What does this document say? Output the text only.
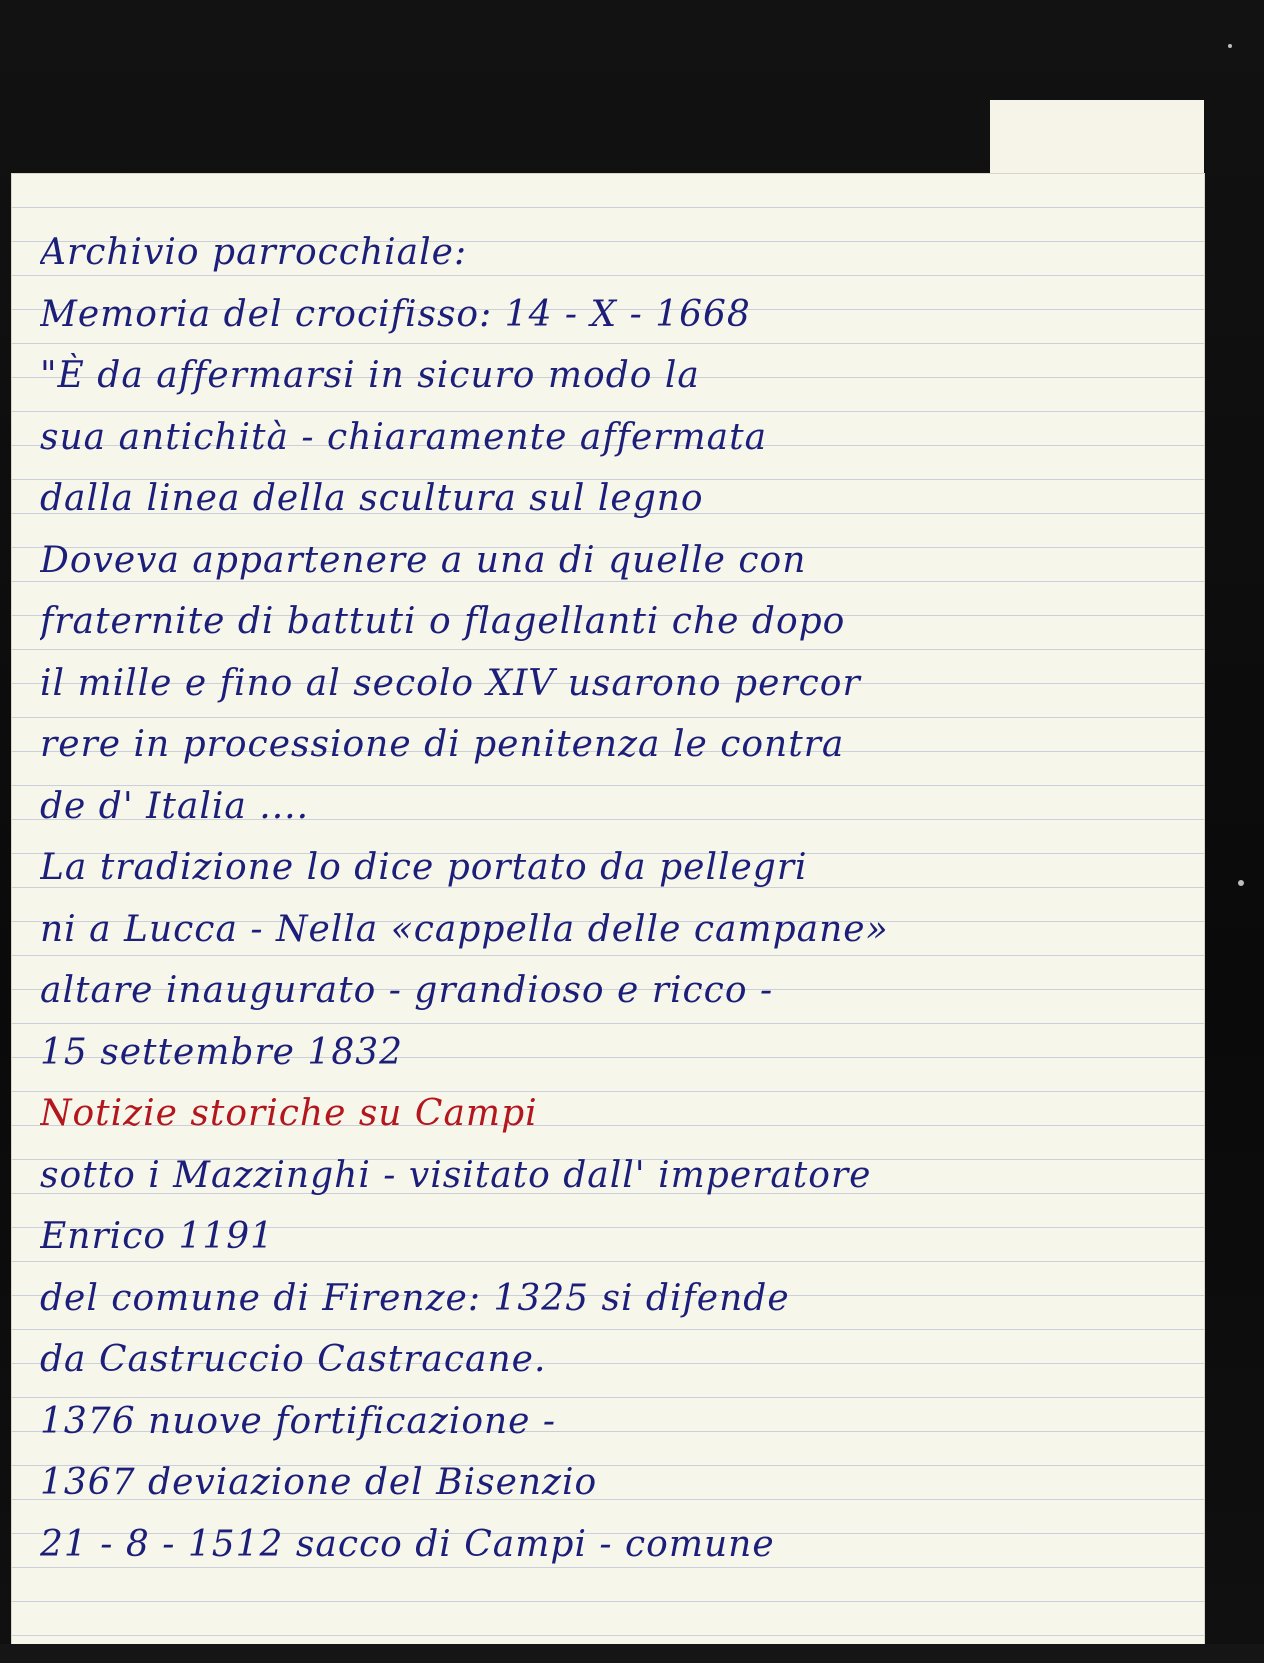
Archivio parrocchiale:
Memoria del crocifisso: 14 - X - 1668
"È da affermarsi in sicuro modo la
sua antichità - chiaramente affermata
dalla linea della scultura sul legno
Doveva appartenere a una di quelle con
fraternite di battuti o flagellanti che dopo
il mille e fino al secolo XIV usarono percor
rere in processione di penitenza le contra
de d' Italia ....
La tradizione lo dice portato da pellegri
ni a Lucca - Nella «cappella delle campane»
altare inaugurato - grandioso e ricco -
15 settembre 1832
Notizie storiche su Campi
sotto i Mazzinghi - visitato dall' imperatore
Enrico 1191
del comune di Firenze: 1325 si difende
da Castruccio Castracane.
1376 nuove fortificazione -
1367 deviazione del Bisenzio
21 - 8 - 1512 sacco di Campi - comune
